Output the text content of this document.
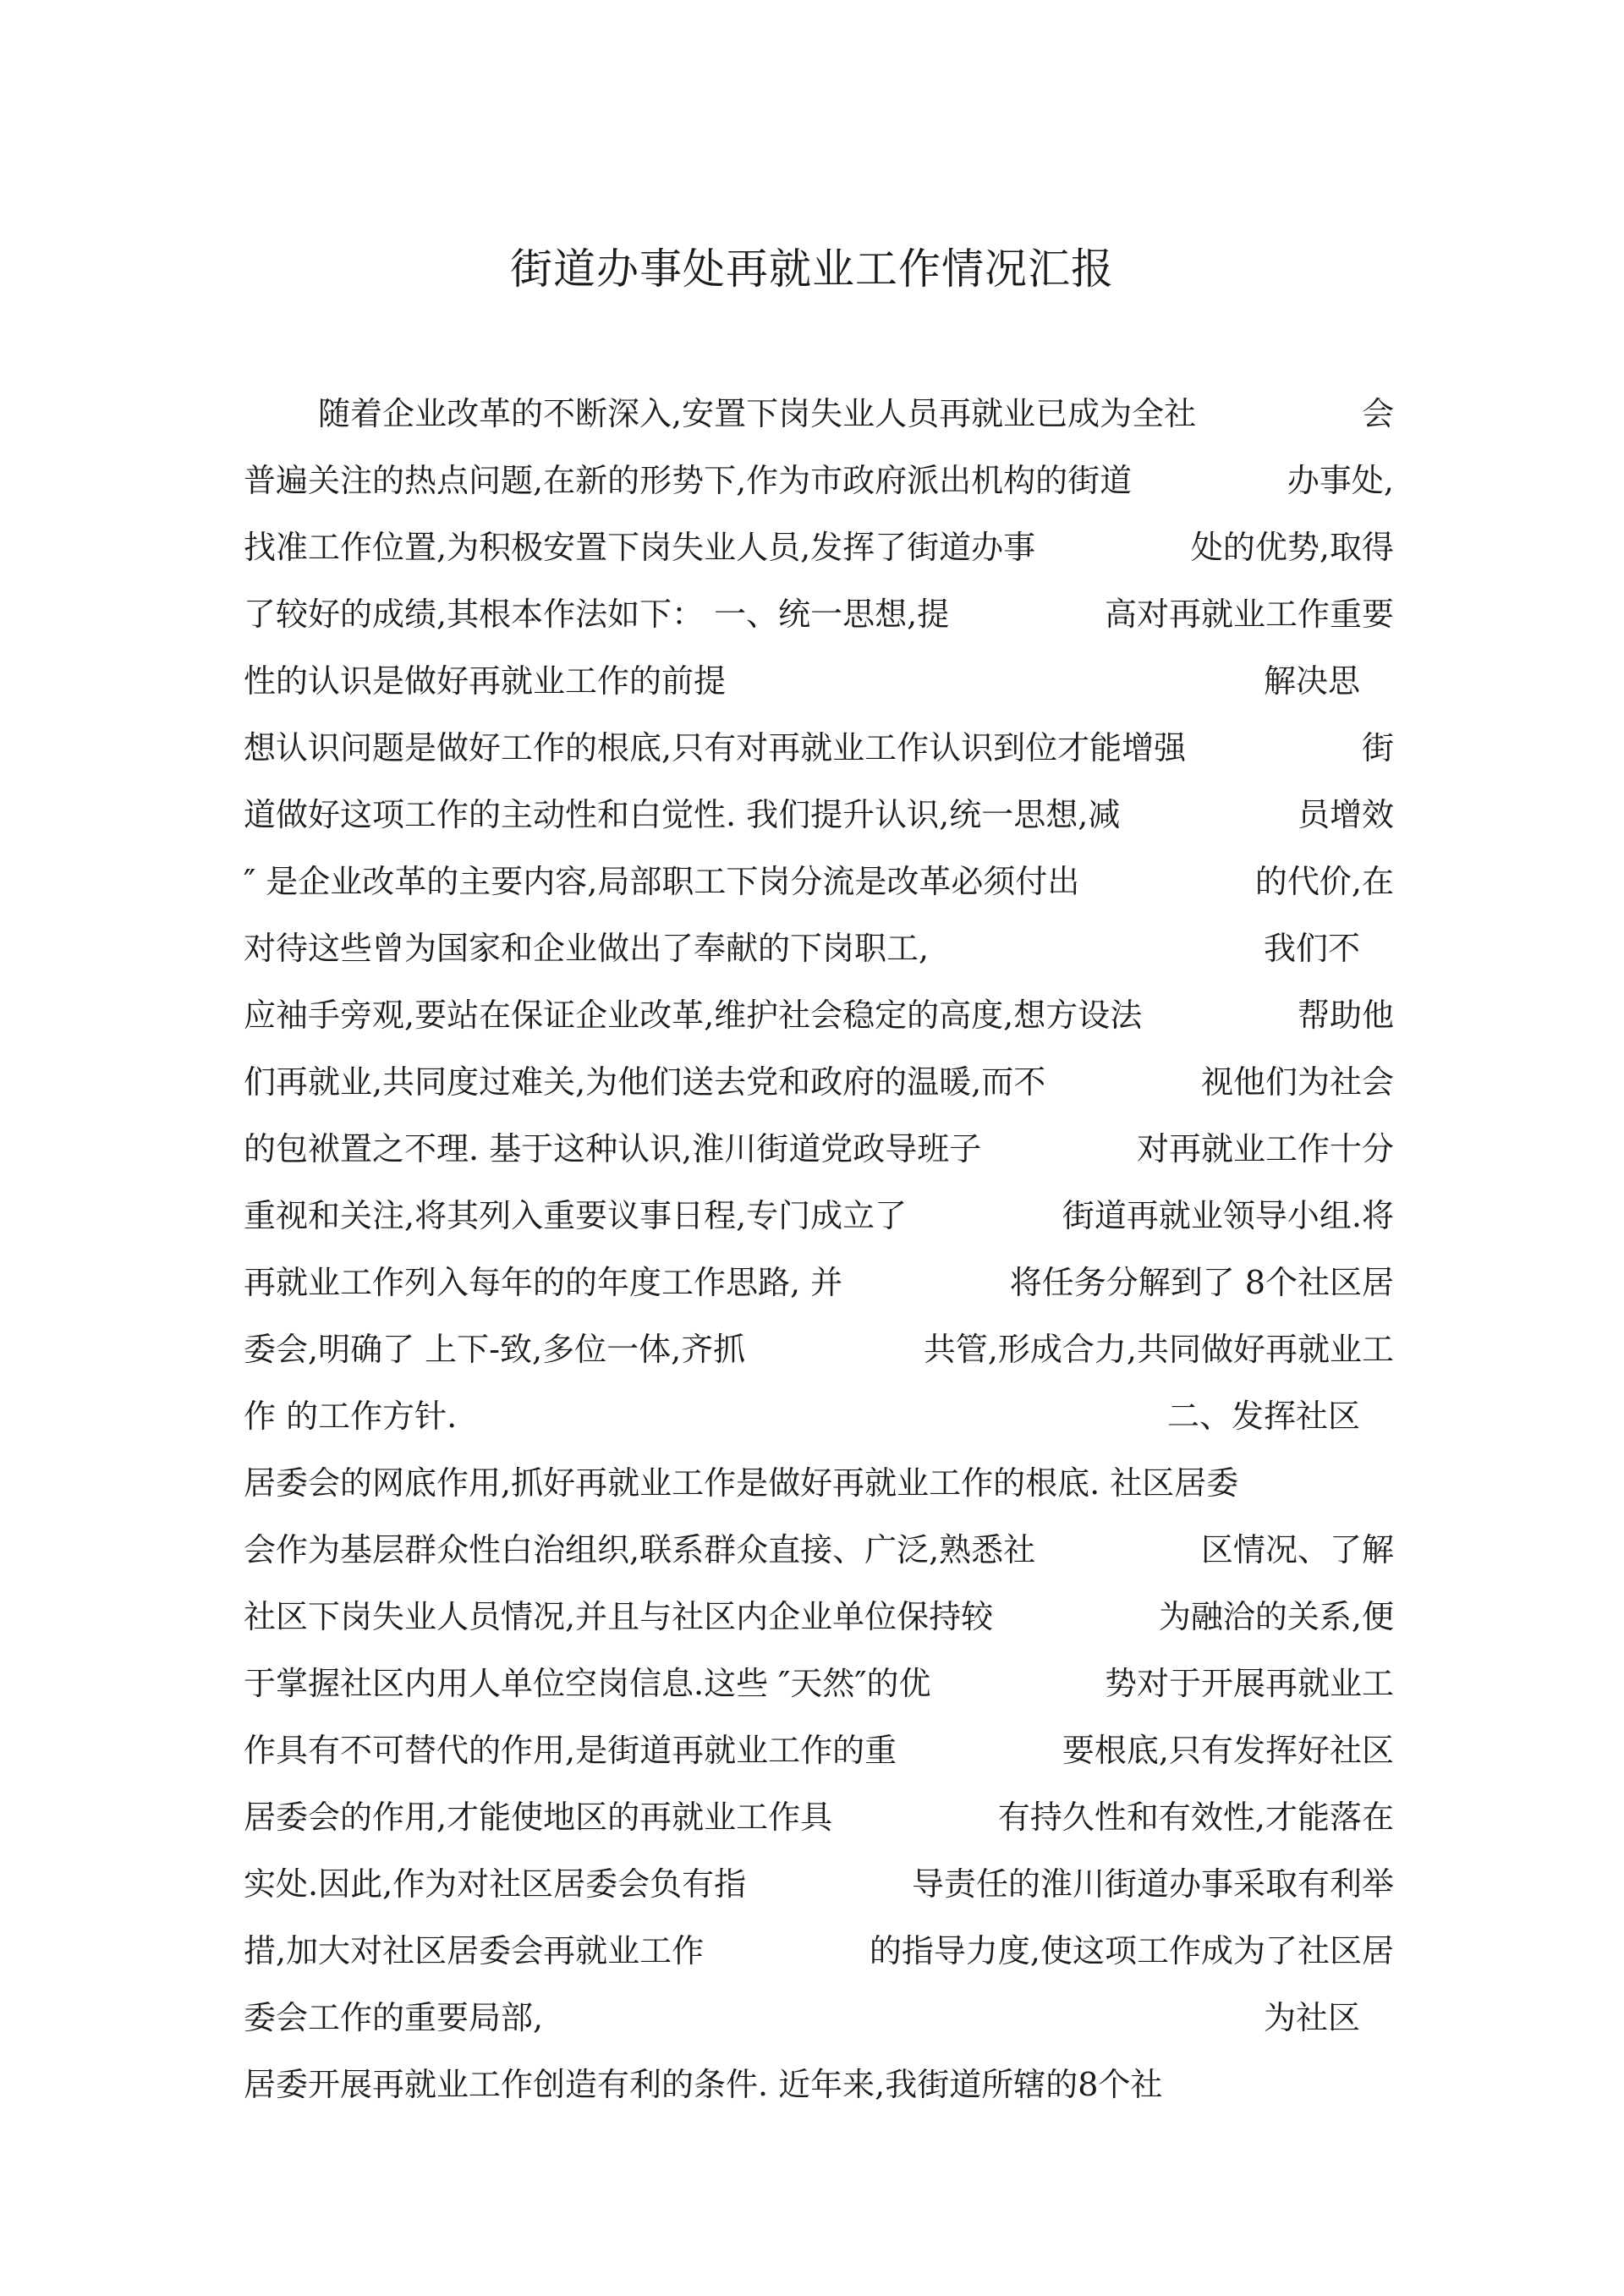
街道办事处再就业工作情况汇报
随着企业改革的不断深入,安置下岗失业人员再就业已成为全社	会
普遍关注的热点问题,在新的形势下,作为市政府派出机构的街道	办事处,
找准工作位置,为积极安置下岗失业人员,发挥了街道办事	处的优势,取得
了较好的成绩,其根本作法如下： 一、统一思想,提	高对再就业工作重要
性的认识是做好再就业工作的前提	解决思
想认识问题是做好工作的根底,只有对再就业工作认识到位才能增强	街
道做好这项工作的主动性和白觉性. 我们提升认识,统一思想,减	员增效
″ 是企业改革的主要内容,局部职工下岗分流是改革必须付出	的代价,在
对待这些曾为国家和企业做出了奉献的下岗职工,	我们不
应袖手旁观,要站在保证企业改革,维护社会稳定的高度,想方设法	帮助他
们再就业,共同度过难关,为他们送去党和政府的温暖,而不	视他们为社会
的包袱置之不理. 基于这种认识,淮川街道党政导班子	对再就业工作十分
重视和关注,将其列入重要议事日程,专门成立了	街道再就业领导小组.将
再就业工作列入每年的的年度工作思路, 并	将任务分解到了 8个社区居
委会,明确了 上下-致,多位一体,齐抓	共管,形成合力,共同做好再就业工
作 的工作方针.	二、发挥社区
居委会的网底作用,抓好再就业工作是做好再就业工作的根底. 社区居委
会作为基层群众性白治组织,联系群众直接、广泛,熟悉社	区情况、了解
社区下岗失业人员情况,并且与社区内企业单位保持较	为融洽的关系,便
于掌握社区内用人单位空岗信息.这些 ″天然″的优	势对于开展再就业工
作具有不可替代的作用,是街道再就业工作的重	要根底,只有发挥好社区
居委会的作用,才能使地区的再就业工作具	有持久性和有效性,才能落在
实处.因此,作为对社区居委会负有指	导责任的淮川街道办事采取有利举
措,加大对社区居委会再就业工作	的指导力度,使这项工作成为了社区居
委会工作的重要局部,	为社区
居委开展再就业工作创造有利的条件. 近年来,我街道所辖的8个社
